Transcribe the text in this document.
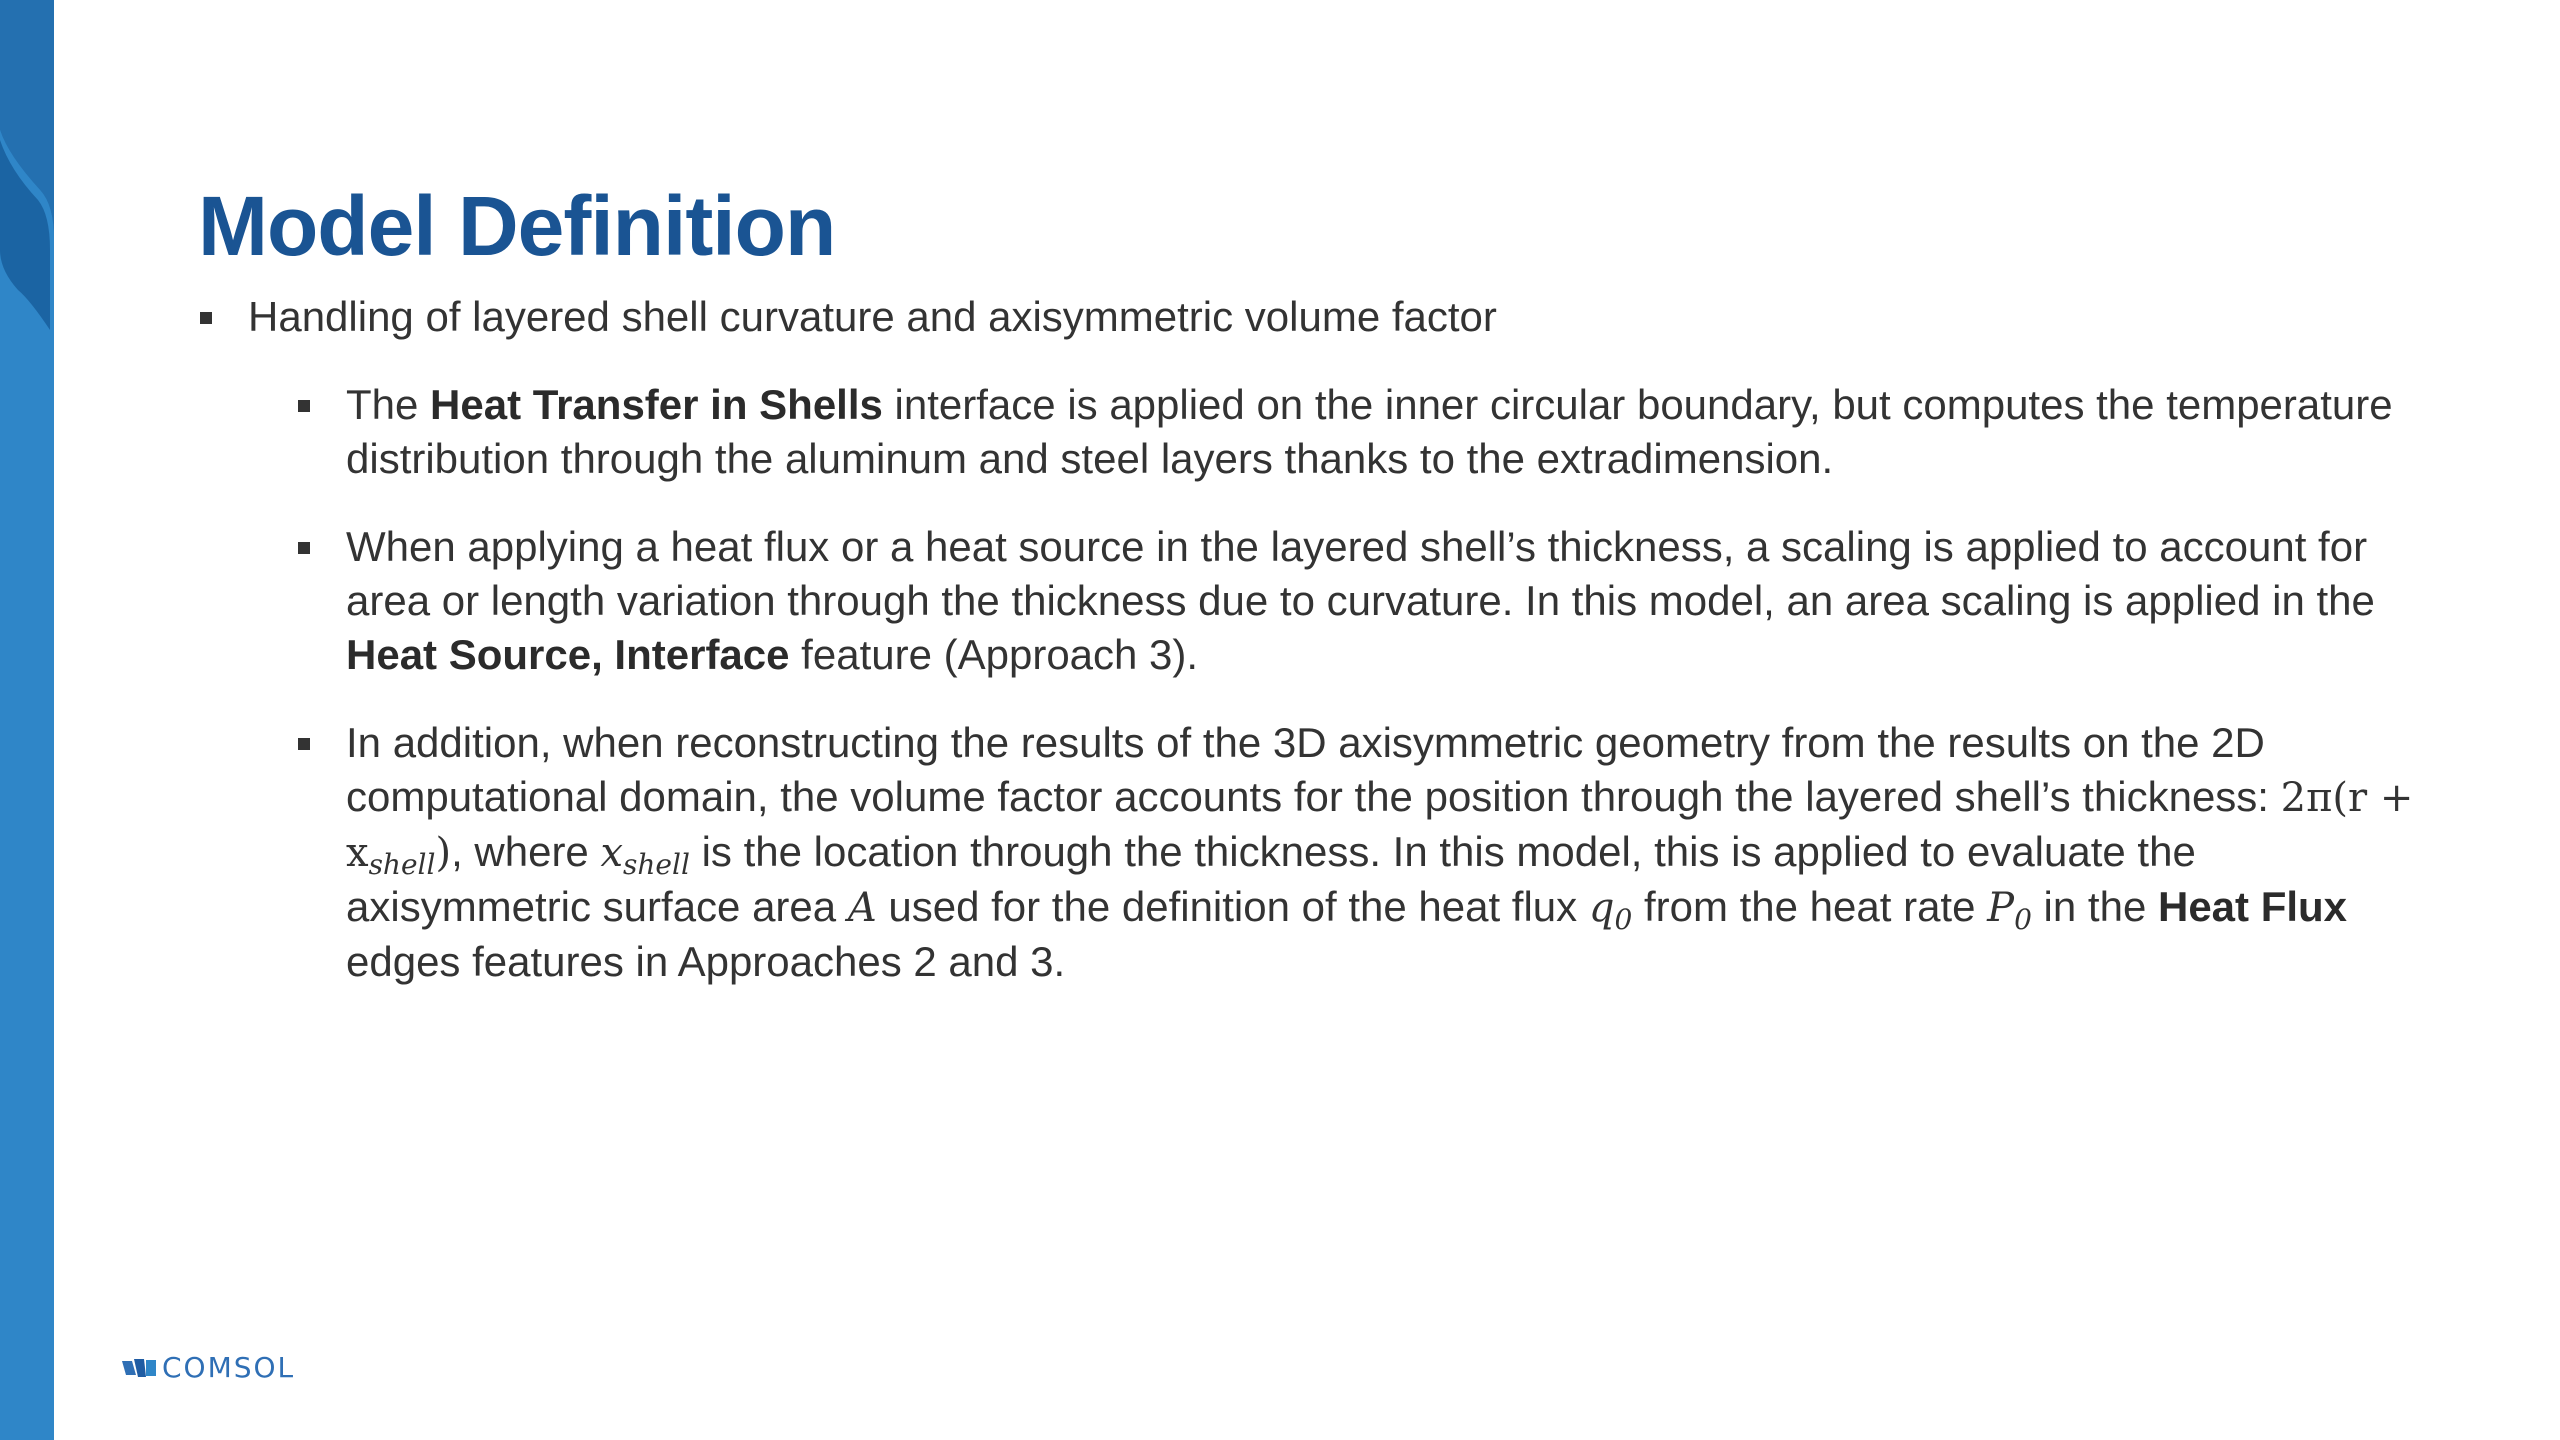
Model Definition
Handling of layered shell curvature and axisymmetric volume factor
The Heat Transfer in Shells interface is applied on the inner circular boundary, but computes the temperature distribution through the aluminum and steel layers thanks to the extradimension.
When applying a heat flux or a heat source in the layered shell’s thickness, a scaling is applied to account for area or length variation through the thickness due to curvature. In this model, an area scaling is applied in the Heat Source, Interface feature (Approach 3).
In addition, when reconstructing the results of the 3D axisymmetric geometry from the results on the 2D computational domain, the volume factor accounts for the position through the layered shell’s thickness: $2\pi(r + x_{shell})$, where $x_{shell}$ is the location through the thickness. In this model, this is applied to evaluate the axisymmetric surface area A used for the definition of the heat flux $q_0$ from the heat rate $P_0$ in the Heat Flux edges features in Approaches 2 and 3.
COMSOL
